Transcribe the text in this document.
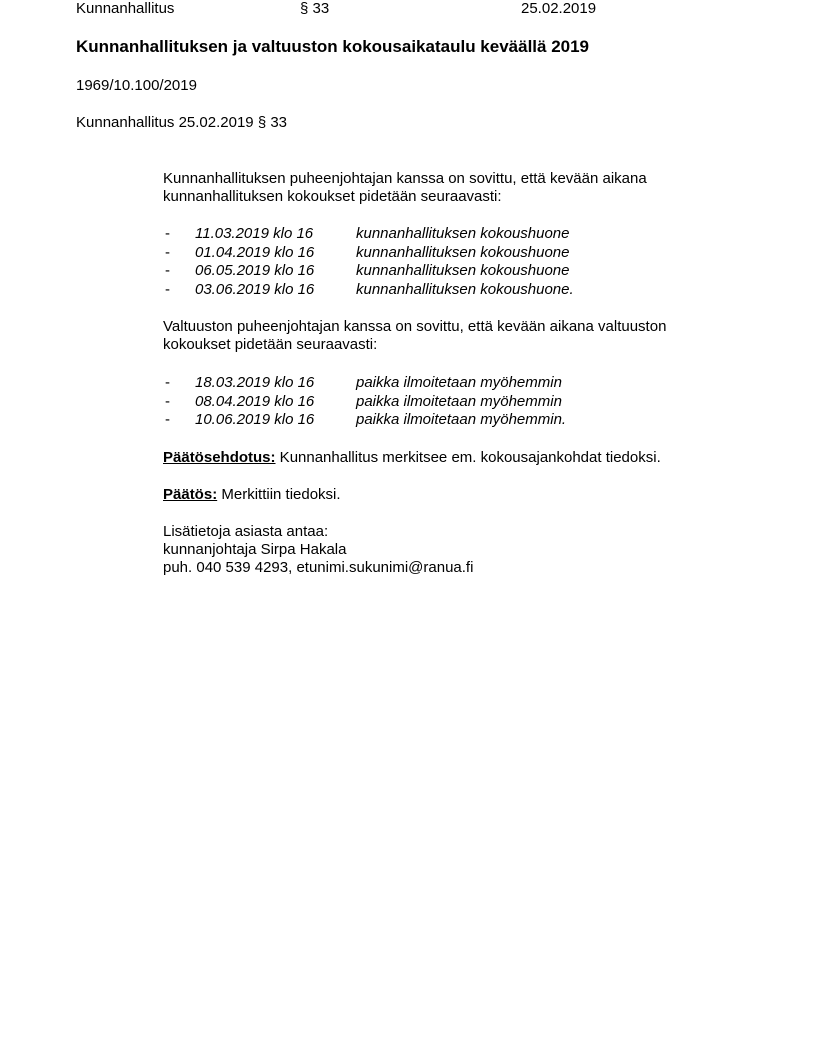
Kunnanhallitus	§ 33	25.02.2019
Kunnanhallituksen ja valtuuston kokousaikataulu keväällä 2019
1969/10.100/2019
Kunnanhallitus 25.02.2019 § 33
Kunnanhallituksen puheenjohtajan kanssa on sovittu, että kevään aikana
kunnanhallituksen kokoukset pidetään seuraavasti:
- 11.03.2019 klo 16	kunnanhallituksen kokoushuone
- 01.04.2019 klo 16	kunnanhallituksen kokoushuone
- 06.05.2019 klo 16	kunnanhallituksen kokoushuone
- 03.06.2019 klo 16	kunnanhallituksen kokoushuone.
Valtuuston puheenjohtajan kanssa on sovittu, että kevään aikana valtuuston
kokoukset pidetään seuraavasti:
- 18.03.2019 klo 16	paikka ilmoitetaan myöhemmin
- 08.04.2019 klo 16	paikka ilmoitetaan myöhemmin
- 10.06.2019 klo 16	paikka ilmoitetaan myöhemmin.
Päätösehdotus: Kunnanhallitus merkitsee em. kokousajankohdat tiedoksi.
Päätös: Merkittiin tiedoksi.
Lisätietoja asiasta antaa:
kunnanjohtaja Sirpa Hakala
puh. 040 539 4293, etunimi.sukunimi@ranua.fi
